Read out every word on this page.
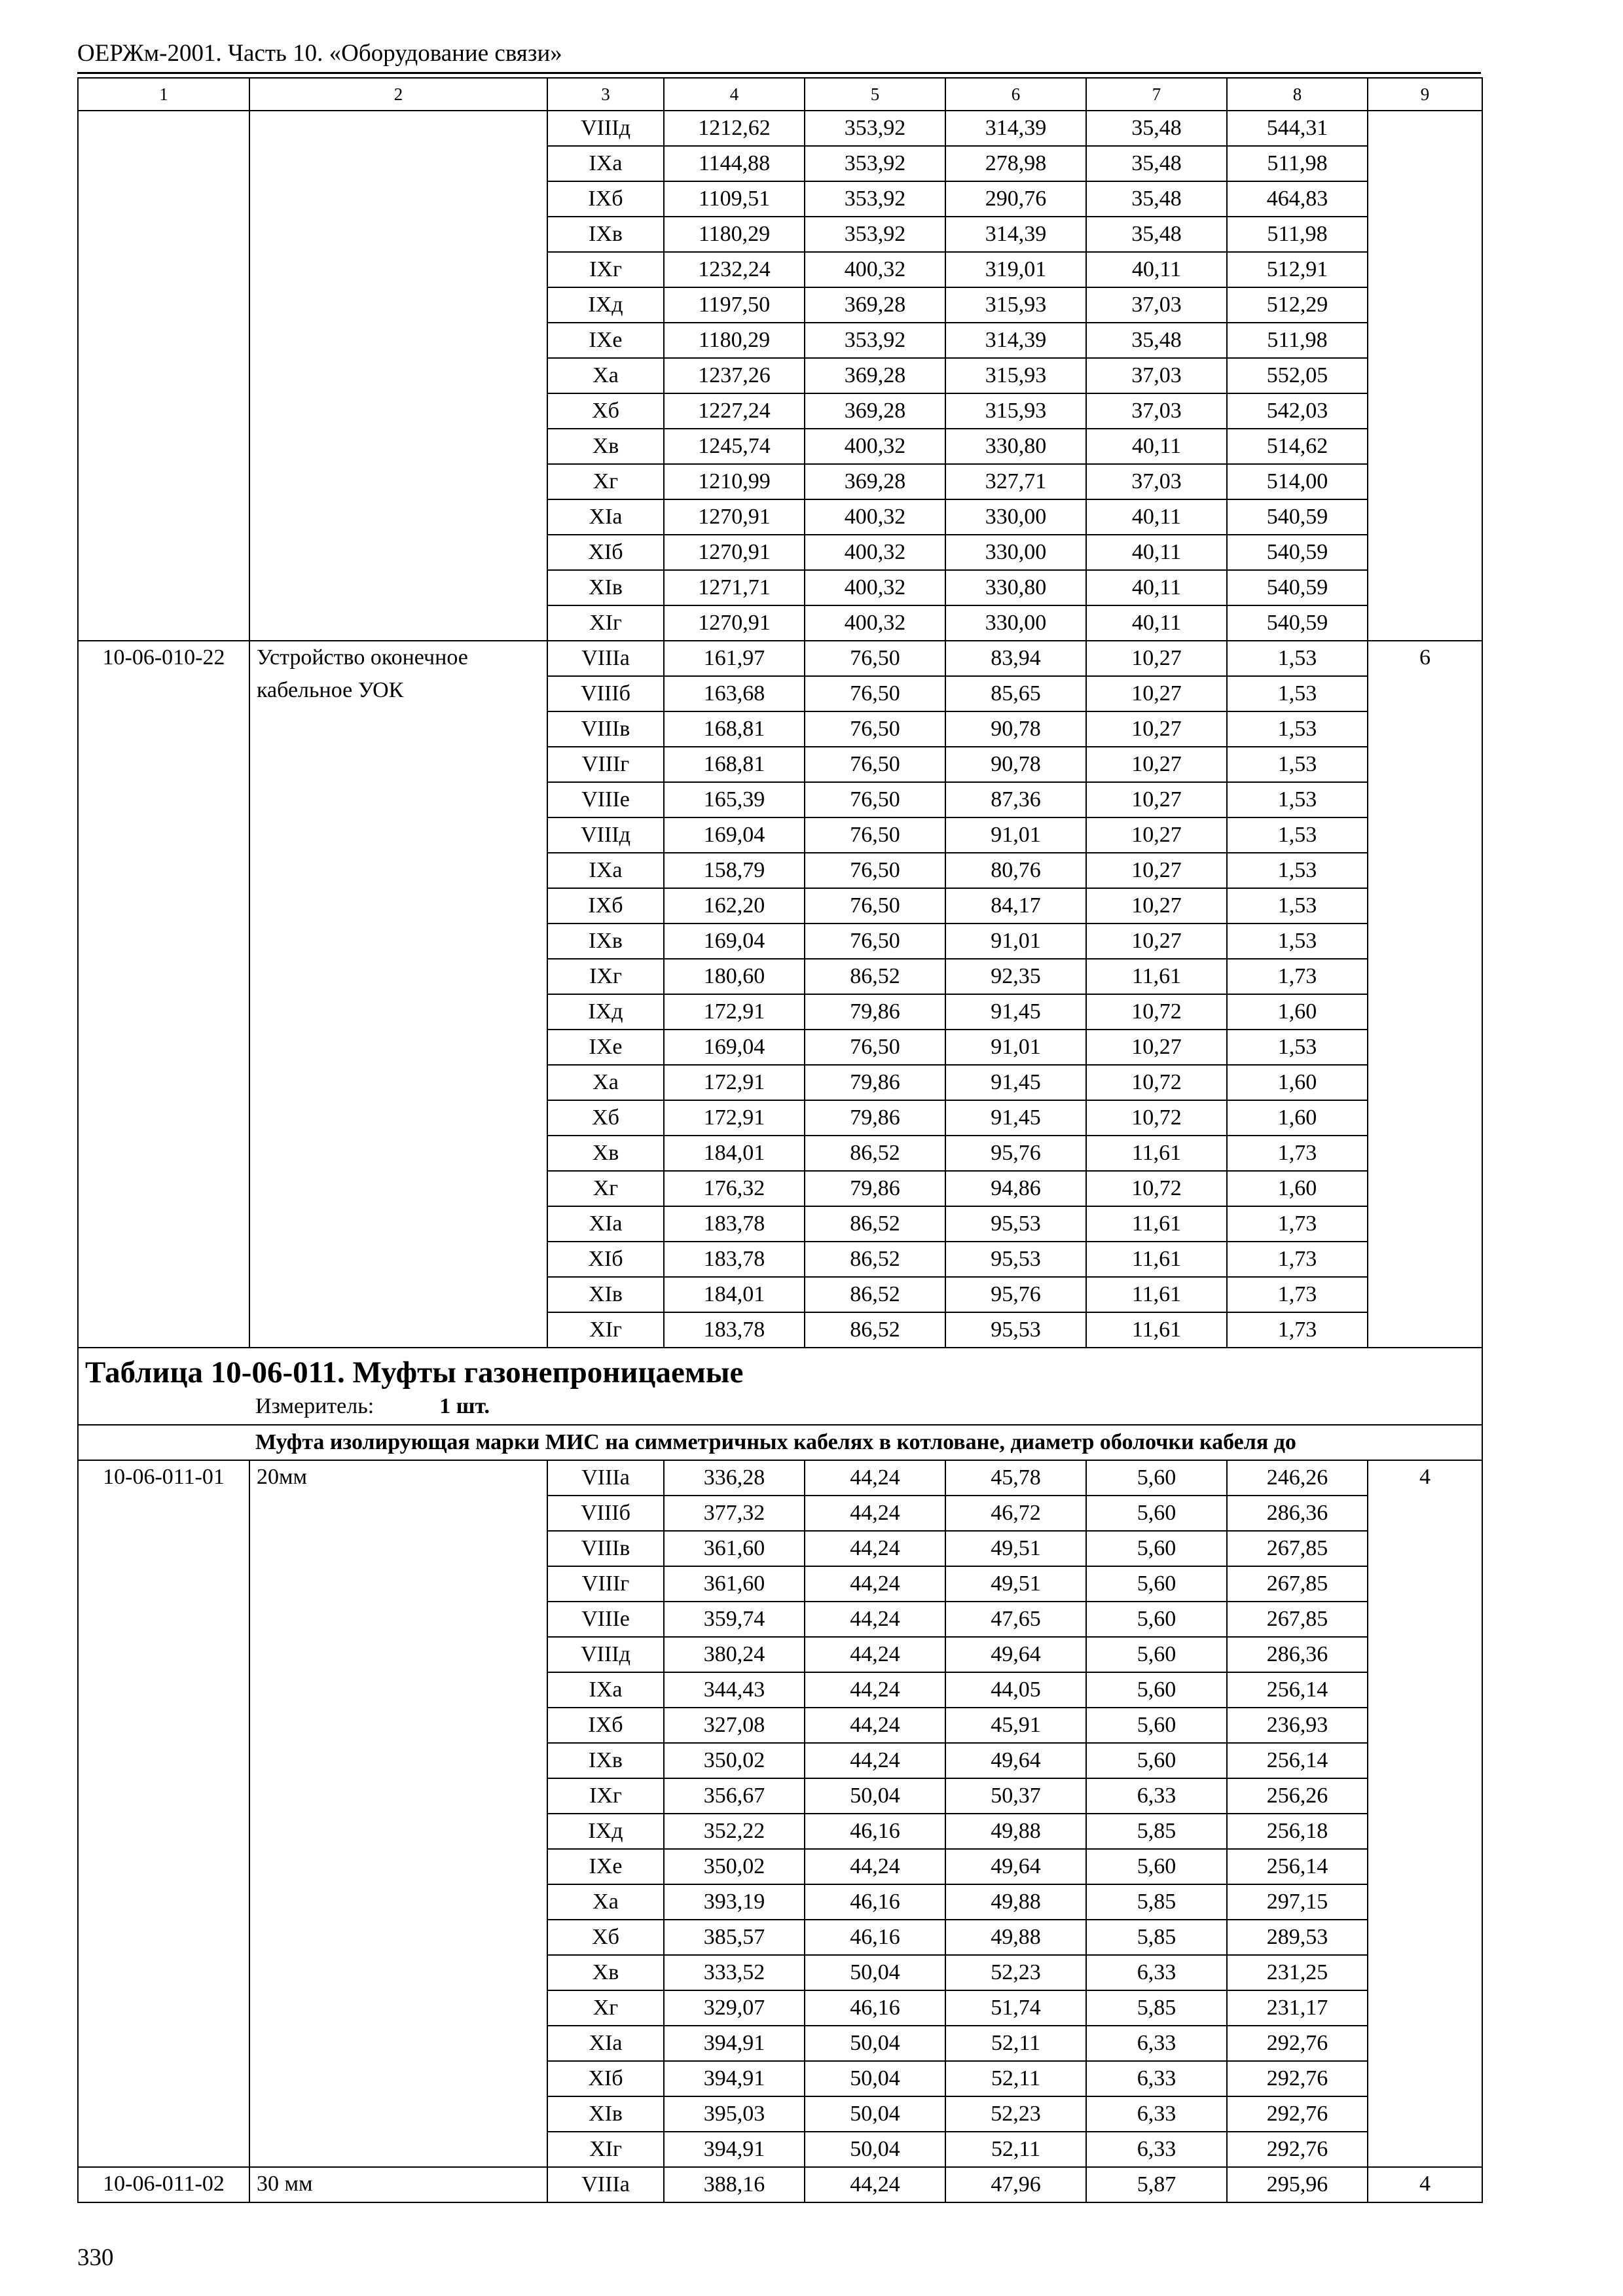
ОЕРЖм-2001. Часть 10. «Оборудование связи»
1	2	3	4	5	6	7	8	9
		VIIIд	1212,62	353,92	314,39	35,48	544,31	
		IXа	1144,88	353,92	278,98	35,48	511,98	
		IXб	1109,51	353,92	290,76	35,48	464,83	
		IXв	1180,29	353,92	314,39	35,48	511,98	
		IXг	1232,24	400,32	319,01	40,11	512,91	
		IXд	1197,50	369,28	315,93	37,03	512,29	
		IXе	1180,29	353,92	314,39	35,48	511,98	
		Xа	1237,26	369,28	315,93	37,03	552,05	
		Xб	1227,24	369,28	315,93	37,03	542,03	
		Xв	1245,74	400,32	330,80	40,11	514,62	
		Xг	1210,99	369,28	327,71	37,03	514,00	
		XIа	1270,91	400,32	330,00	40,11	540,59	
		XIб	1270,91	400,32	330,00	40,11	540,59	
		XIв	1271,71	400,32	330,80	40,11	540,59	
		XIг	1270,91	400,32	330,00	40,11	540,59	
10-06-010-22	Устройство оконечное кабельное УОК	VIIIа	161,97	76,50	83,94	10,27	1,53	6
		VIIIб	163,68	76,50	85,65	10,27	1,53	
		VIIIв	168,81	76,50	90,78	10,27	1,53	
		VIIIг	168,81	76,50	90,78	10,27	1,53	
		VIIIе	165,39	76,50	87,36	10,27	1,53	
		VIIIд	169,04	76,50	91,01	10,27	1,53	
		IXа	158,79	76,50	80,76	10,27	1,53	
		IXб	162,20	76,50	84,17	10,27	1,53	
		IXв	169,04	76,50	91,01	10,27	1,53	
		IXг	180,60	86,52	92,35	11,61	1,73	
		IXд	172,91	79,86	91,45	10,72	1,60	
		IXе	169,04	76,50	91,01	10,27	1,53	
		Xа	172,91	79,86	91,45	10,72	1,60	
		Xб	172,91	79,86	91,45	10,72	1,60	
		Xв	184,01	86,52	95,76	11,61	1,73	
		Xг	176,32	79,86	94,86	10,72	1,60	
		XIа	183,78	86,52	95,53	11,61	1,73	
		XIб	183,78	86,52	95,53	11,61	1,73	
		XIв	184,01	86,52	95,76	11,61	1,73	
		XIг	183,78	86,52	95,53	11,61	1,73	

Таблица 10-06-011. Муфты газонепроницаемые
Измеритель: 1 шт.								

Муфта изолирующая марки МИС на симметричных кабелях в котловане, диаметр оболочки кабеля до								
10-06-011-01	20мм	VIIIа	336,28	44,24	45,78	5,60	246,26	4
		VIIIб	377,32	44,24	46,72	5,60	286,36	
		VIIIв	361,60	44,24	49,51	5,60	267,85	
		VIIIг	361,60	44,24	49,51	5,60	267,85	
		VIIIе	359,74	44,24	47,65	5,60	267,85	
		VIIIд	380,24	44,24	49,64	5,60	286,36	
		IXа	344,43	44,24	44,05	5,60	256,14	
		IXб	327,08	44,24	45,91	5,60	236,93	
		IXв	350,02	44,24	49,64	5,60	256,14	
		IXг	356,67	50,04	50,37	6,33	256,26	
		IXд	352,22	46,16	49,88	5,85	256,18	
		IXе	350,02	44,24	49,64	5,60	256,14	
		Xа	393,19	46,16	49,88	5,85	297,15	
		Xб	385,57	46,16	49,88	5,85	289,53	
		Xв	333,52	50,04	52,23	6,33	231,25	
		Xг	329,07	46,16	51,74	5,85	231,17	
		XIа	394,91	50,04	52,11	6,33	292,76	
		XIб	394,91	50,04	52,11	6,33	292,76	
		XIв	395,03	50,04	52,23	6,33	292,76	
		XIг	394,91	50,04	52,11	6,33	292,76	
10-06-011-02	30 мм	VIIIа	388,16	44,24	47,96	5,87	295,96	4
330
